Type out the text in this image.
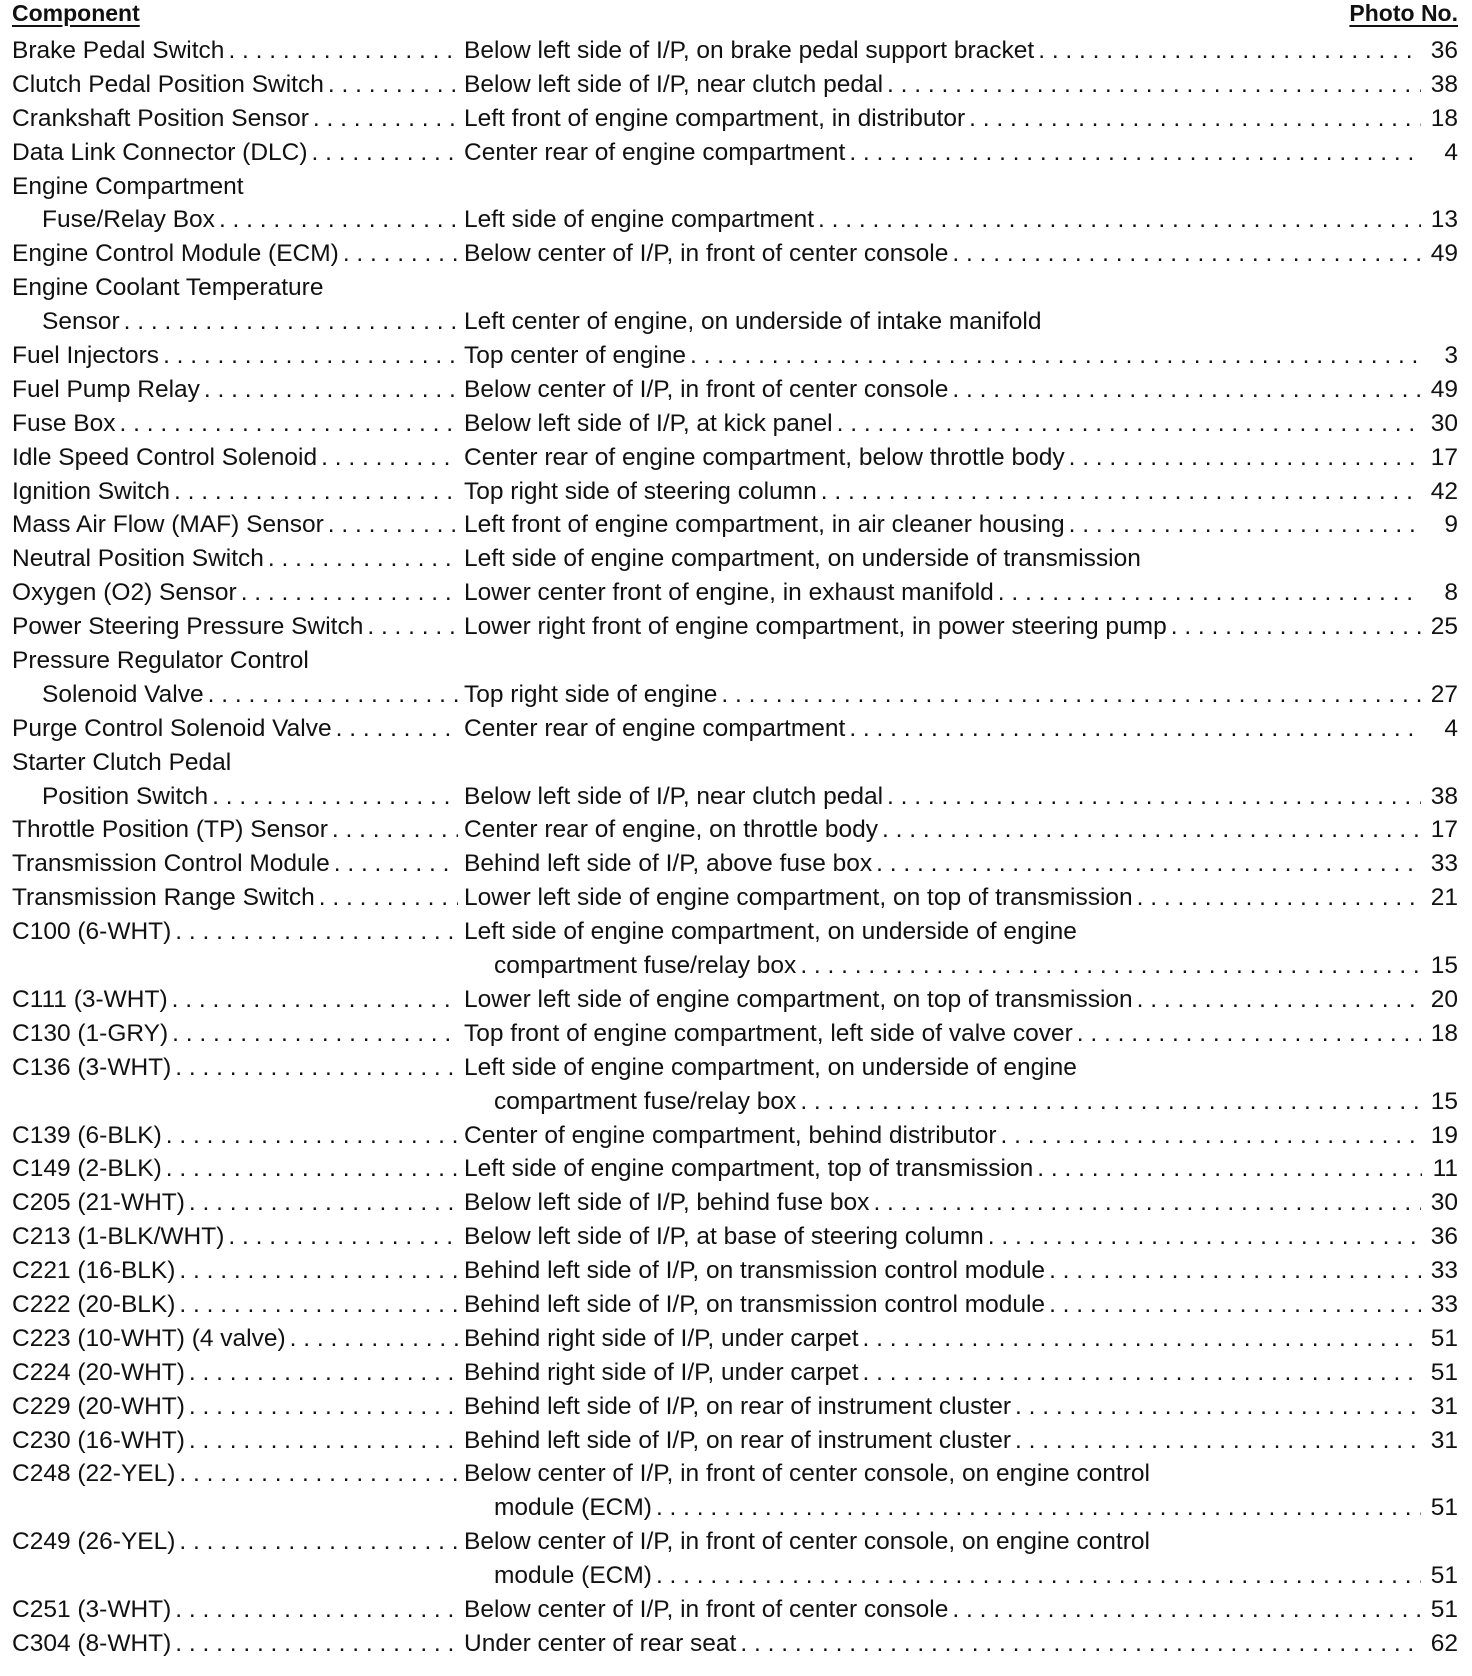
Component	Photo No.
Brake Pedal Switch . . .	Below left side of I/P, on brake pedal support bracket . . .	36
Clutch Pedal Position Switch . . .	Below left side of I/P, near clutch pedal . . .	38
Crankshaft Position Sensor . . .	Left front of engine compartment, in distributor . . .	18
Data Link Connector (DLC) . . .	Center rear of engine compartment . . .	4
Engine Compartment
Fuse/Relay Box . . .	Left side of engine compartment . . .	13
Engine Control Module (ECM) . . .	Below center of I/P, in front of center console . . .	49
Engine Coolant Temperature
Sensor . . .	Left center of engine, on underside of intake manifold
Fuel Injectors . . .	Top center of engine . . .	3
Fuel Pump Relay . . .	Below center of I/P, in front of center console . . .	49
Fuse Box . . .	Below left side of I/P, at kick panel . . .	30
Idle Speed Control Solenoid . . .	Center rear of engine compartment, below throttle body . . .	17
Ignition Switch . . .	Top right side of steering column . . .	42
Mass Air Flow (MAF) Sensor . . .	Left front of engine compartment, in air cleaner housing . . .	9
Neutral Position Switch . . .	Left side of engine compartment, on underside of transmission
Oxygen (O2) Sensor . . .	Lower center front of engine, in exhaust manifold . . .	8
Power Steering Pressure Switch . . .	Lower right front of engine compartment, in power steering pump . . .	25
Pressure Regulator Control
Solenoid Valve . . .	Top right side of engine . . .	27
Purge Control Solenoid Valve . . .	Center rear of engine compartment . . .	4
Starter Clutch Pedal
Position Switch . . .	Below left side of I/P, near clutch pedal . . .	38
Throttle Position (TP) Sensor . . .	Center rear of engine, on throttle body . . .	17
Transmission Control Module . . .	Behind left side of I/P, above fuse box . . .	33
Transmission Range Switch . . .	Lower left side of engine compartment, on top of transmission . . .	21
C100 (6-WHT) . . .	Left side of engine compartment, on underside of engine
compartment fuse/relay box . . .	15
C111 (3-WHT) . . .	Lower left side of engine compartment, on top of transmission . . .	20
C130 (1-GRY) . . .	Top front of engine compartment, left side of valve cover . . .	18
C136 (3-WHT) . . .	Left side of engine compartment, on underside of engine
compartment fuse/relay box . . .	15
C139 (6-BLK) . . .	Center of engine compartment, behind distributor . . .	19
C149 (2-BLK) . . .	Left side of engine compartment, top of transmission . . .	11
C205 (21-WHT) . . .	Below left side of I/P, behind fuse box . . .	30
C213 (1-BLK/WHT) . . .	Below left side of I/P, at base of steering column . . .	36
C221 (16-BLK) . . .	Behind left side of I/P, on transmission control module . . .	33
C222 (20-BLK) . . .	Behind left side of I/P, on transmission control module . . .	33
C223 (10-WHT) (4 valve) . . .	Behind right side of I/P, under carpet . . .	51
C224 (20-WHT) . . .	Behind right side of I/P, under carpet . . .	51
C229 (20-WHT) . . .	Behind left side of I/P, on rear of instrument cluster . . .	31
C230 (16-WHT) . . .	Behind left side of I/P, on rear of instrument cluster . . .	31
C248 (22-YEL) . . .	Below center of I/P, in front of center console, on engine control
module (ECM) . . .	51
C249 (26-YEL) . . .	Below center of I/P, in front of center console, on engine control
module (ECM) . . .	51
C251 (3-WHT) . . .	Below center of I/P, in front of center console . . .	51
C304 (8-WHT) . . .	Under center of rear seat . . .	62
